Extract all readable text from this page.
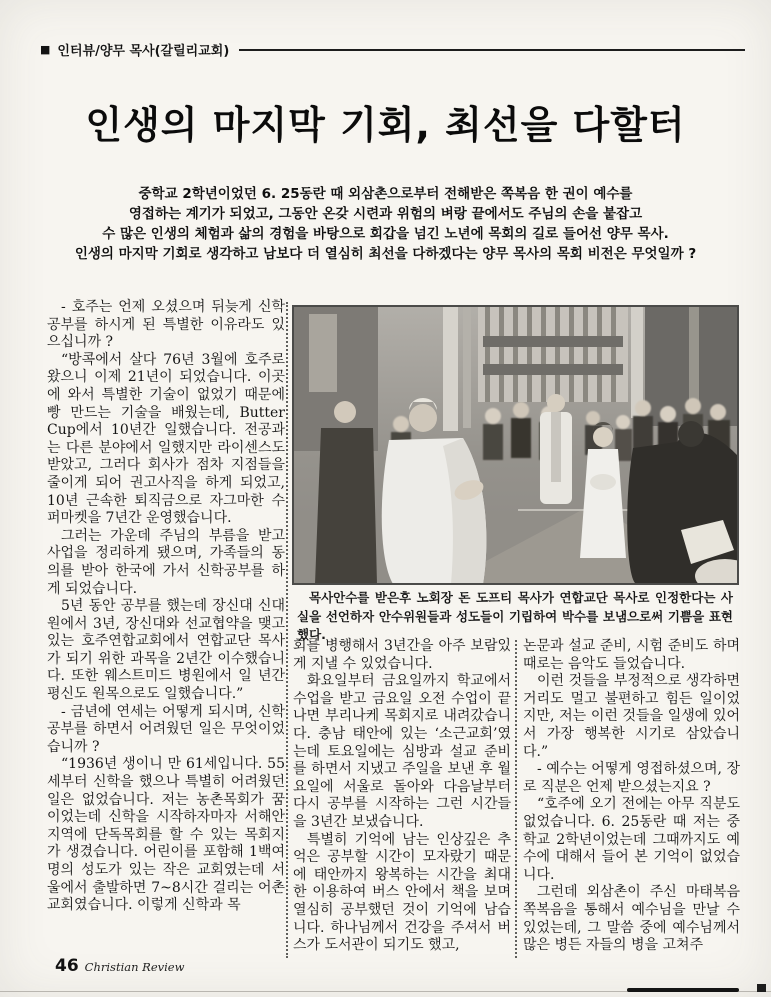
■ 인터뷰/양무 목사(갈릴리교회)
인생의 마지막 기회, 최선을 다할터
중학교 2학년이었던 6. 25동란 때 외삼촌으로부터 전해받은 쪽복음 한 권이 예수를
영접하는 계기가 되었고, 그동안 온갖 시련과 위험의 벼랑 끝에서도 주님의 손을 붙잡고
수 많은 인생의 체험과 삶의 경험을 바탕으로 회갑을 넘긴 노년에 목회의 길로 들어선 양무 목사.
인생의 마지막 기회로 생각하고 남보다 더 열심히 최선을 다하겠다는 양무 목사의 목회 비전은 무엇일까 ?

- 호주는 언제 오셨으며 뒤늦게 신학공부를 하시게 된 특별한 이유라도 있으십니까 ?

“방콕에서 살다 76년 3월에 호주로 왔으니 이제 21년이 되었습니다. 이곳에 와서 특별한 기술이 없었기 때문에 빵 만드는 기술을 배웠는데, Butter Cup에서 10년간 일했습니다. 전공과는 다른 분야에서 일했지만 라이센스도 받았고, 그러다 회사가 점차 지점들을 줄이게 되어 권고사직을 하게 되었고, 10년 근속한 퇴직금으로 자그마한 수퍼마켓을 7년간 운영했습니다.

그러는 가운데 주님의 부름을 받고 사업을 정리하게 됐으며, 가족들의 동의를 받아 한국에 가서 신학공부를 하게 되었습니다.

5년 동안 공부를 했는데 장신대 신대원에서 3년, 장신대와 선교협약을 맺고 있는 호주연합교회에서 연합교단 목사가 되기 위한 과목을 2년간 이수했습니다. 또한 웨스트미드 병원에서 일 년간 평신도 원목으로도 일했습니다.”

- 금년에 연세는 어떻게 되시며, 신학공부를 하면서 어려웠던 일은 무엇이었습니까 ?

“1936년 생이니 만 61세입니다. 55세부터 신학을 했으나 특별히 어려웠던 일은 없었습니다. 저는 농촌목회가 꿈이었는데 신학을 시작하자마자 서해안 지역에 단독목회를 할 수 있는 목회지가 생겼습니다. 어린이를 포함해 1백여 명의 성도가 있는 작은 교회였는데 서울에서 출발하면 7~8시간 걸리는 어촌교회였습니다. 이렇게 신학과 목

목사안수를 받은후 노회장 돈 도프티 목사가 연합교단 목사로 인정한다는 사실을 선언하자 안수위원들과 성도들이 기립하여 박수를 보냄으로써 기쁨을 표현했다.

회를 병행해서 3년간을 아주 보람있게 지낼 수 있었습니다.

화요일부터 금요일까지 학교에서 수업을 받고 금요일 오전 수업이 끝나면 부리나케 목회지로 내려갔습니다. 충남 태안에 있는 ‘소근교회’였는데 토요일에는 심방과 설교 준비를 하면서 지냈고 주일을 보낸 후 월요일에 서울로 돌아와 다음날부터 다시 공부를 시작하는 그런 시간들을 3년간 보냈습니다.

특별히 기억에 남는 인상깊은 추억은 공부할 시간이 모자랐기 때문에 태안까지 왕복하는 시간을 최대한 이용하여 버스 안에서 책을 보며 열심히 공부했던 것이 기억에 남습니다. 하나님께서 건강을 주셔서 버스가 도서관이 되기도 했고,

논문과 설교 준비, 시험 준비도 하며 때로는 음악도 들었습니다.

이런 것들을 부정적으로 생각하면 거리도 멀고 불편하고 힘든 일이었지만, 저는 이런 것들을 일생에 있어서 가장 행복한 시기로 삼았습니다.”

- 예수는 어떻게 영접하셨으며, 장로 직분은 언제 받으셨는지요 ?

“호주에 오기 전에는 아무 직분도 없었습니다. 6. 25동란 때 저는 중학교 2학년이었는데 그때까지도 예수에 대해서 들어 본 기억이 없었습니다.

그런데 외삼촌이 주신 마태복음 쪽복음을 통해서 예수님을 만날 수 있었는데, 그 말씀 중에 예수님께서 많은 병든 자들의 병을 고쳐주

46 Christian Review
